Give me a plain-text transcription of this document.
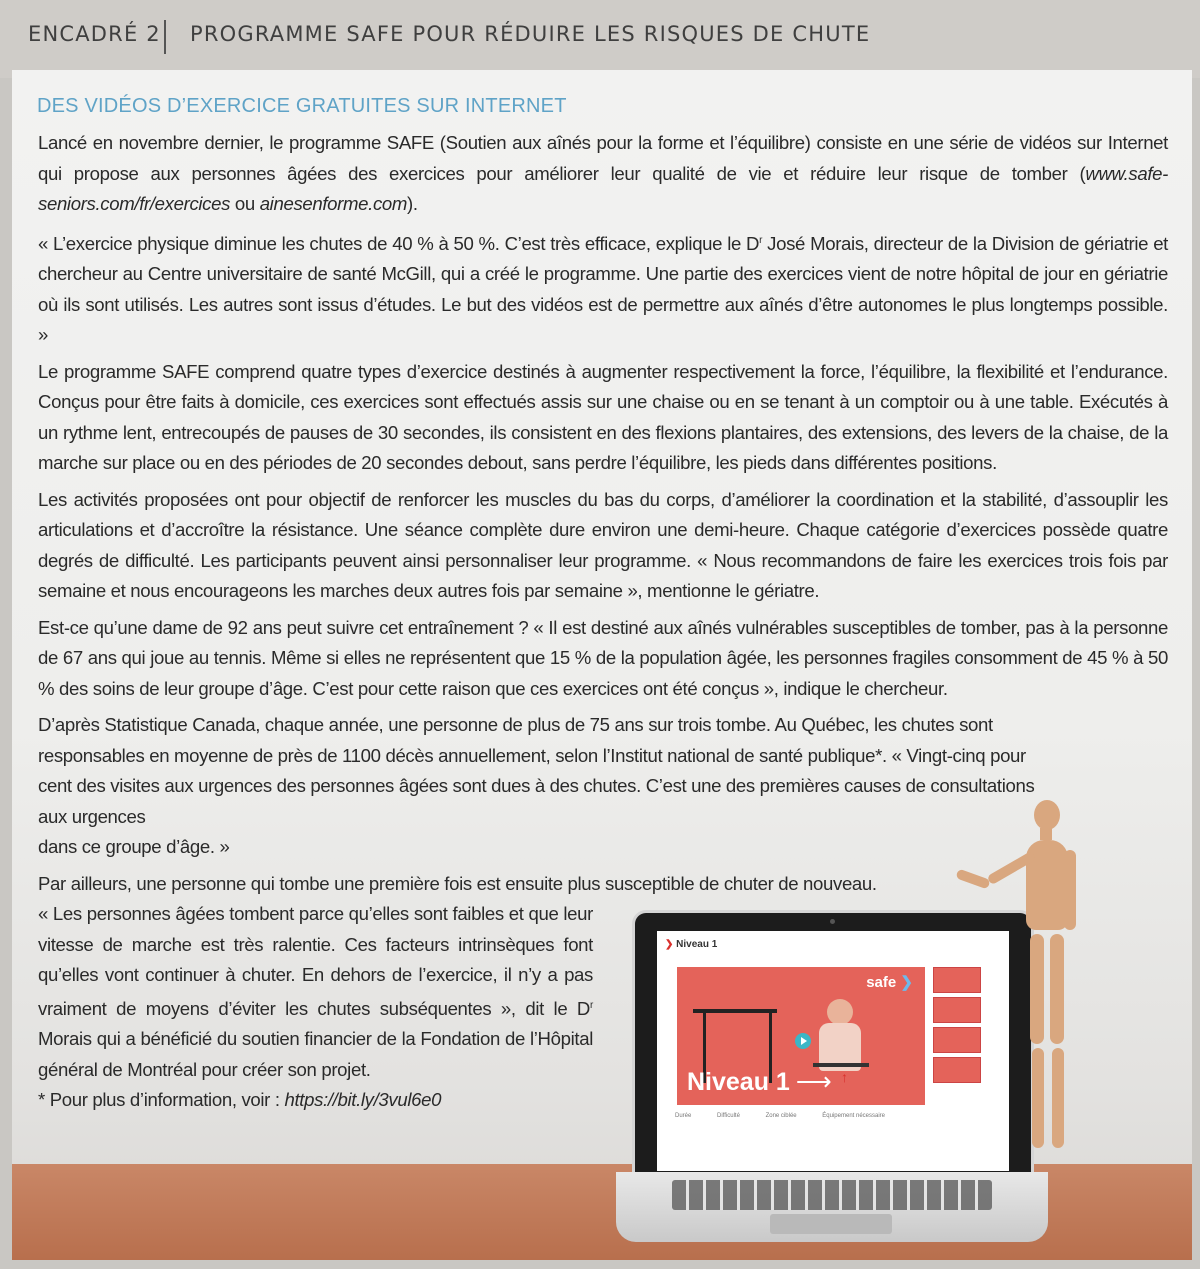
ENCADRÉ 2 PROGRAMME SAFE POUR RÉDUIRE LES RISQUES DE CHUTE
DES VIDÉOS D’EXERCICE GRATUITES SUR INTERNET

Lancé en novembre dernier, le programme SAFE (Soutien aux aînés pour la forme et l’équilibre) consiste en une série de vidéos sur Internet qui propose aux personnes âgées des exercices pour améliorer leur qualité de vie et réduire leur risque de tomber (www.safe-seniors.com/fr/exercices ou ainesenforme.com).

« L’exercice physique diminue les chutes de 40 % à 50 %. C’est très efficace, explique le $D^r$ José Morais, directeur de la Division de gériatrie et chercheur au Centre universitaire de santé McGill, qui a créé le programme. Une partie des exercices vient de notre hôpital de jour en gériatrie où ils sont utilisés. Les autres sont issus d’études. Le but des vidéos est de permettre aux aînés d’être autonomes le plus longtemps possible. »

Le programme SAFE comprend quatre types d’exercice destinés à augmenter respectivement la force, l’équilibre, la flexibilité et l’endurance. Conçus pour être faits à domicile, ces exercices sont effectués assis sur une chaise ou en se tenant à un comptoir ou à une table. Exécutés à un rythme lent, entrecoupés de pauses de 30 secondes, ils consistent en des flexions plantaires, des extensions, des levers de la chaise, de la marche sur place ou en des périodes de 20 secondes debout, sans perdre l’équilibre, les pieds dans différentes positions.

Les activités proposées ont pour objectif de renforcer les muscles du bas du corps, d’améliorer la coordination et la stabilité, d’assouplir les articulations et d’accroître la résistance. Une séance complète dure environ une demi-heure. Chaque catégorie d’exercices possède quatre degrés de difficulté. Les participants peuvent ainsi personnaliser leur programme. « Nous recommandons de faire les exercices trois fois par semaine et nous encourageons les marches deux autres fois par semaine », mentionne le gériatre.

Est-ce qu’une dame de 92 ans peut suivre cet entraînement ? « Il est destiné aux aînés vulnérables susceptibles de tomber, pas à la personne de 67 ans qui joue au tennis. Même si elles ne représentent que 15 % de la population âgée, les personnes fragiles consomment de 45 % à 50 % des soins de leur groupe d’âge. C’est pour cette raison que ces exercices ont été conçus », indique le chercheur.

D’après Statistique Canada, chaque année, une personne de plus de 75 ans sur trois tombe. Au Québec, les chutes sont responsables en moyenne de près de 1100 décès annuellement, selon l’Institut national de santé publique*. « Vingt-cinq pour cent des visites aux urgences des personnes âgées sont dues à des chutes. C’est une des premières causes de consultations aux urgences
dans ce groupe d’âge. »

Par ailleurs, une personne qui tombe une première fois est ensuite plus susceptible de chuter de nouveau.

« Les personnes âgées tombent parce qu’elles sont faibles et que leur vitesse de marche est très ralentie. Ces facteurs intrinsèques font qu’elles vont continuer à chuter. En dehors de l’exercice, il n’y a pas vraiment de moyens d’éviter les chutes subséquentes », dit le $D^r$ Morais qui a bénéficié du soutien financier de la Fondation de l’Hôpital général de Montréal pour créer son projet.

* Pour plus d’information, voir : https://bit.ly/3vul6e0

❯ Niveau 1
↑
safe ❯
Niveau 1 ⟶
Durée	Difficulté	Zone ciblée	Équipement nécessaire
